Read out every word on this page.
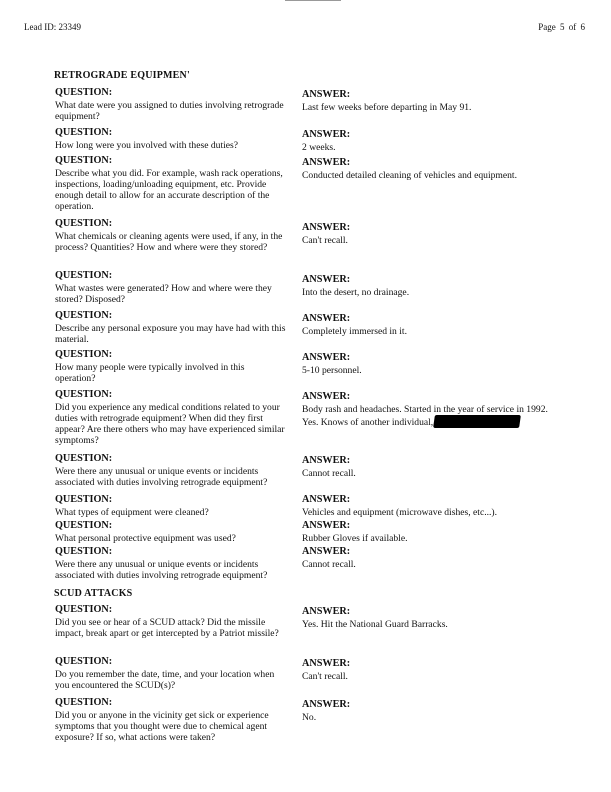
Lead ID: 23349	Page 5 of 6
RETROGRADE EQUIPMEN'
QUESTION:
What date were you assigned to duties involving retrograde equipment?
ANSWER:
Last few weeks before departing in May 91.
QUESTION:
How long were you involved with these duties?
ANSWER:
2 weeks.
QUESTION:
Describe what you did. For example, wash rack operations, inspections, loading/unloading equipment, etc. Provide enough detail to allow for an accurate description of the operation.
ANSWER:
Conducted detailed cleaning of vehicles and equipment.
QUESTION:
What chemicals or cleaning agents were used, if any, in the process? Quantities? How and where were they stored?
ANSWER:
Can't recall.
QUESTION:
What wastes were generated? How and where were they stored? Disposed?
ANSWER:
Into the desert, no drainage.
QUESTION:
Describe any personal exposure you may have had with this material.
ANSWER:
Completely immersed in it.
QUESTION:
How many people were typically involved in this operation?
ANSWER:
5-10 personnel.
QUESTION:
Did you experience any medical conditions related to your duties with retrograde equipment? When did they first appear? Are there others who may have experienced similar symptoms?
ANSWER:
Body rash and headaches. Started in the year of service in 1992. Yes. Knows of another individual,
QUESTION:
Were there any unusual or unique events or incidents associated with duties involving retrograde equipment?
ANSWER:
Cannot recall.
QUESTION:
What types of equipment were cleaned?
ANSWER:
Vehicles and equipment (microwave dishes, etc...).
QUESTION:
What personal protective equipment was used?
ANSWER:
Rubber Gloves if available.
QUESTION:
Were there any unusual or unique events or incidents associated with duties involving retrograde equipment?
ANSWER:
Cannot recall.
SCUD ATTACKS
QUESTION:
Did you see or hear of a SCUD attack? Did the missile impact, break apart or get intercepted by a Patriot missile?
ANSWER:
Yes. Hit the National Guard Barracks.
QUESTION:
Do you remember the date, time, and your location when you encountered the SCUD(s)?
ANSWER:
Can't recall.
QUESTION:
Did you or anyone in the vicinity get sick or experience symptoms that you thought were due to chemical agent exposure? If so, what actions were taken?
ANSWER:
No.
